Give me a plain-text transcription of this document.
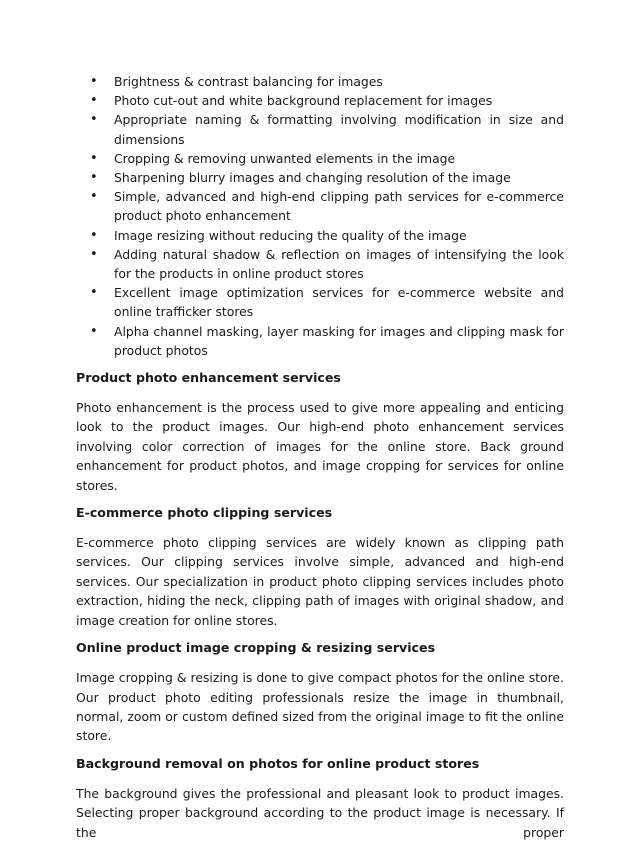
• Brightness & contrast balancing for images
• Photo cut-out and white background replacement for images
• Appropriate naming & formatting involving modification in size and dimensions
• Cropping & removing unwanted elements in the image
• Sharpening blurry images and changing resolution of the image
• Simple, advanced and high-end clipping path services for e-commerce product photo enhancement
• Image resizing without reducing the quality of the image
• Adding natural shadow & reflection on images of intensifying the look for the products in online product stores
• Excellent image optimization services for e-commerce website and online trafficker stores
• Alpha channel masking, layer masking for images and clipping mask for product photos
Product photo enhancement services

Photo enhancement is the process used to give more appealing and enticing look to the product images. Our high-end photo enhancement services involving color correction of images for the online store. Back ground enhancement for product photos, and image cropping for services for online stores.

E-commerce photo clipping services

E-commerce photo clipping services are widely known as clipping path services. Our clipping services involve simple, advanced and high-end services. Our specialization in product photo clipping services includes photo extraction, hiding the neck, clipping path of images with original shadow, and image creation for online stores.

Online product image cropping & resizing services

Image cropping & resizing is done to give compact photos for the online store. Our product photo editing professionals resize the image in thumbnail, normal, zoom or custom defined sized from the original image to fit the online store.

Background removal on photos for online product stores

The background gives the professional and pleasant look to product images. Selecting proper background according to the product image is necessary. If the proper
